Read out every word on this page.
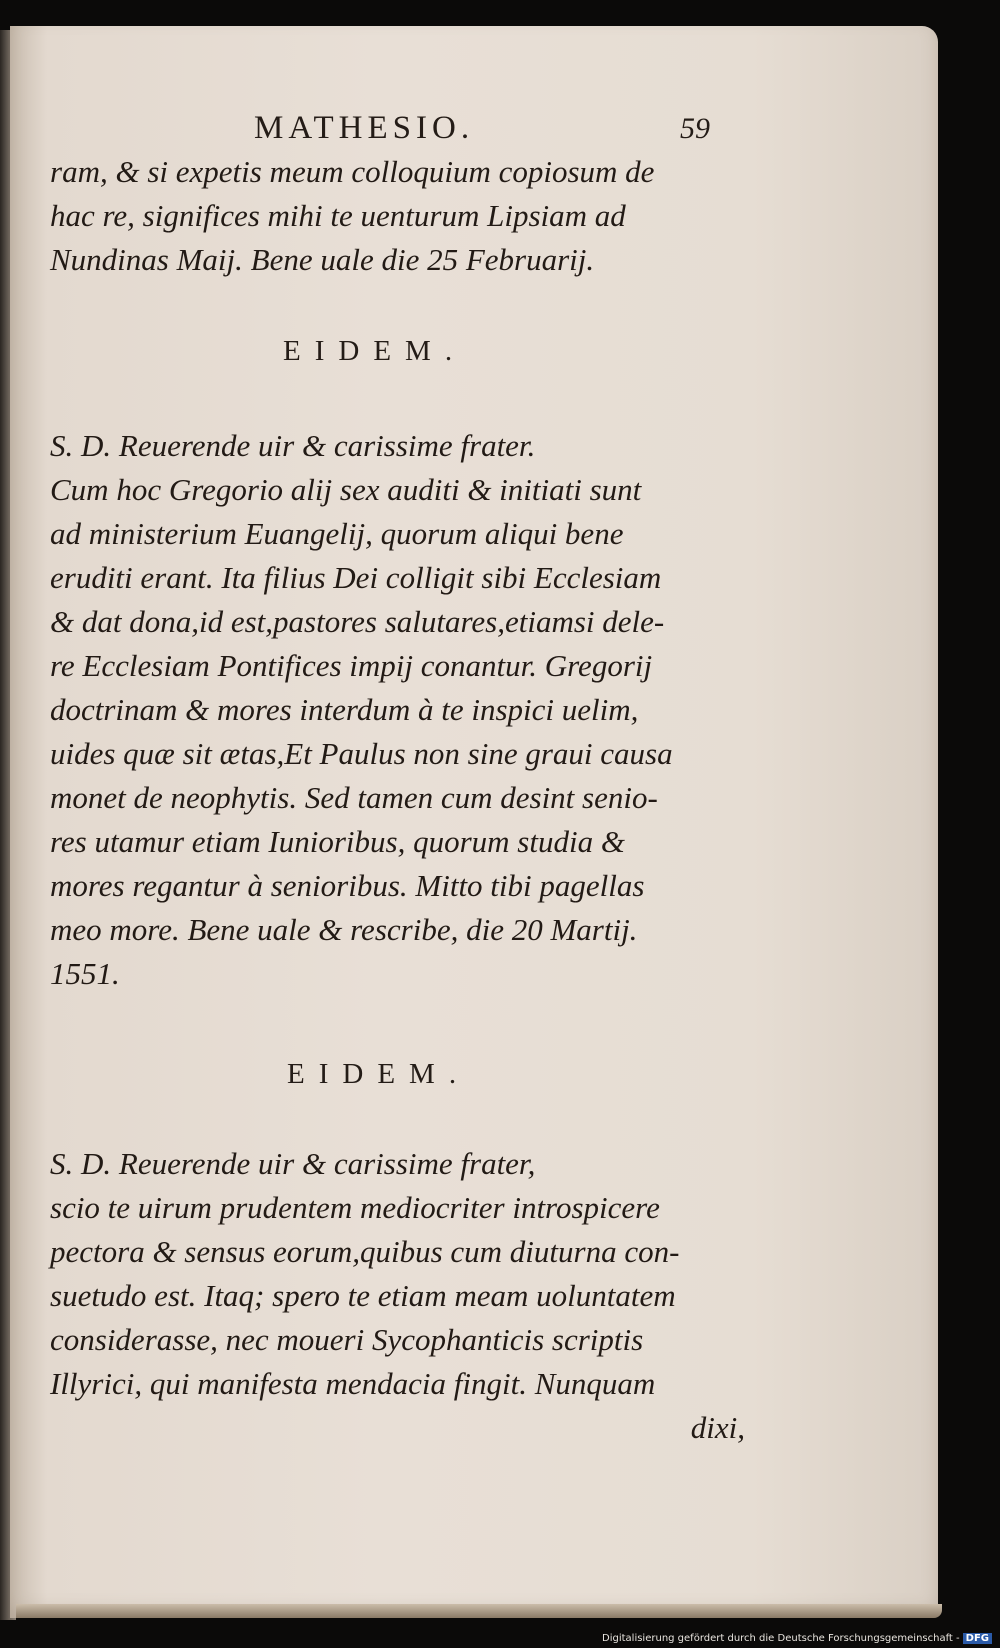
MATHESIO.	59
ram, & si expetis meum colloquium copiosum de
hac re, significes mihi te uenturum Lipsiam ad
Nundinas Maij. Bene uale die 25 Februarij.
EIDEM.
S. D. Reuerende uir & carissime frater.
Cum hoc Gregorio alij sex auditi & initiati sunt
ad ministerium Euangelij, quorum aliqui bene
eruditi erant. Ita filius Dei colligit sibi Ecclesiam
& dat dona,id est,pastores salutares,etiamsi dele-
re Ecclesiam Pontifices impij conantur. Gregorij
doctrinam & mores interdum à te inspici uelim,
uides quæ sit ætas,Et Paulus non sine graui causa
monet de neophytis. Sed tamen cum desint senio-
res utamur etiam Iunioribus, quorum studia &
mores regantur à senioribus. Mitto tibi pagellas
meo more. Bene uale & rescribe, die 20 Martij.
1551.
EIDEM.
S. D. Reuerende uir & carissime frater,
scio te uirum prudentem mediocriter introspicere
pectora & sensus eorum,quibus cum diuturna con-
suetudo est. Itaq; spero te etiam meam uoluntatem
considerasse, nec moueri Sycophanticis scriptis
Illyrici, qui manifesta mendacia fingit. Nunquam
dixi,
Digitalisierung gefördert durch die Deutsche Forschungsgemeinschaft - DFG
